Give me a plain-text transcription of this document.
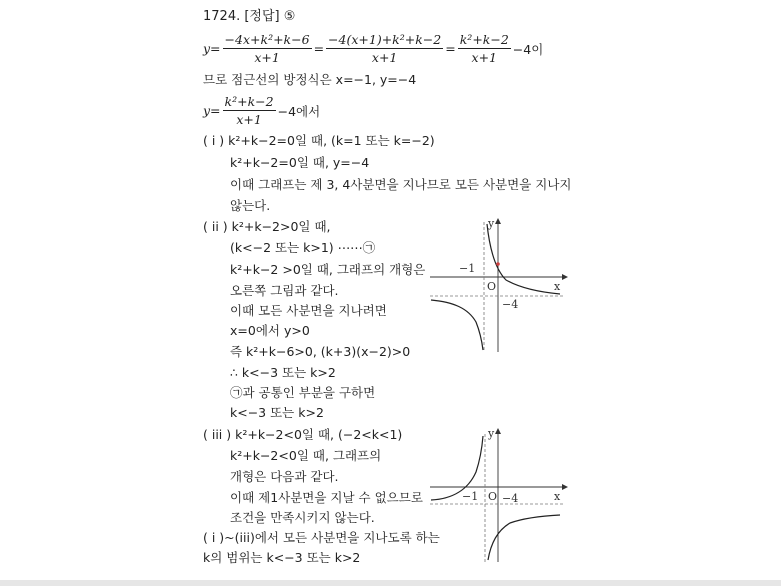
1724. [정답] ⑤
$y= \frac{\text{−4x+k²+k−6}}{x+1} = \frac{\text{−4(x+1)+k²+k−2}}{x+1} = \frac{\text{k²+k−2}}{x+1} -4$이
므로 점근선의 방정식은 x=−1, y=−4
$y= \frac{\text{k²+k−2}}{x+1} -4$에서
( i ) k²+k−2=0일 때, (k=1 또는 k=−2)
k²+k−2=0일 때, y=−4
이때 그래프는 제 3, 4사분면을 지나므로 모든 사분면을 지나지
않는다.
( ii ) k²+k−2>0일 때,
(k<−2 또는 k>1) ⋯⋯㉠
k²+k−2 >0일 때, 그래프의 개형은
오른쪽 그림과 같다.
이때 모든 사분면을 지나려면
x=0에서 y>0
즉 k²+k−6>0, (k+3)(x−2)>0
∴ k<−3 또는 k>2
㉠과 공통인 부분을 구하면
k<−3 또는 k>2
( iii ) k²+k−2<0일 때, (−2<k<1)
k²+k−2<0일 때, 그래프의
개형은 다음과 같다.
이때 제1사분면을 지날 수 없으므로
조건을 만족시키지 않는다.
( i )~(iii)에서 모든 사분면을 지나도록 하는
k의 범위는 k<−3 또는 k>2
y
x
O
−1
−4
y
x
O
−1 −4
